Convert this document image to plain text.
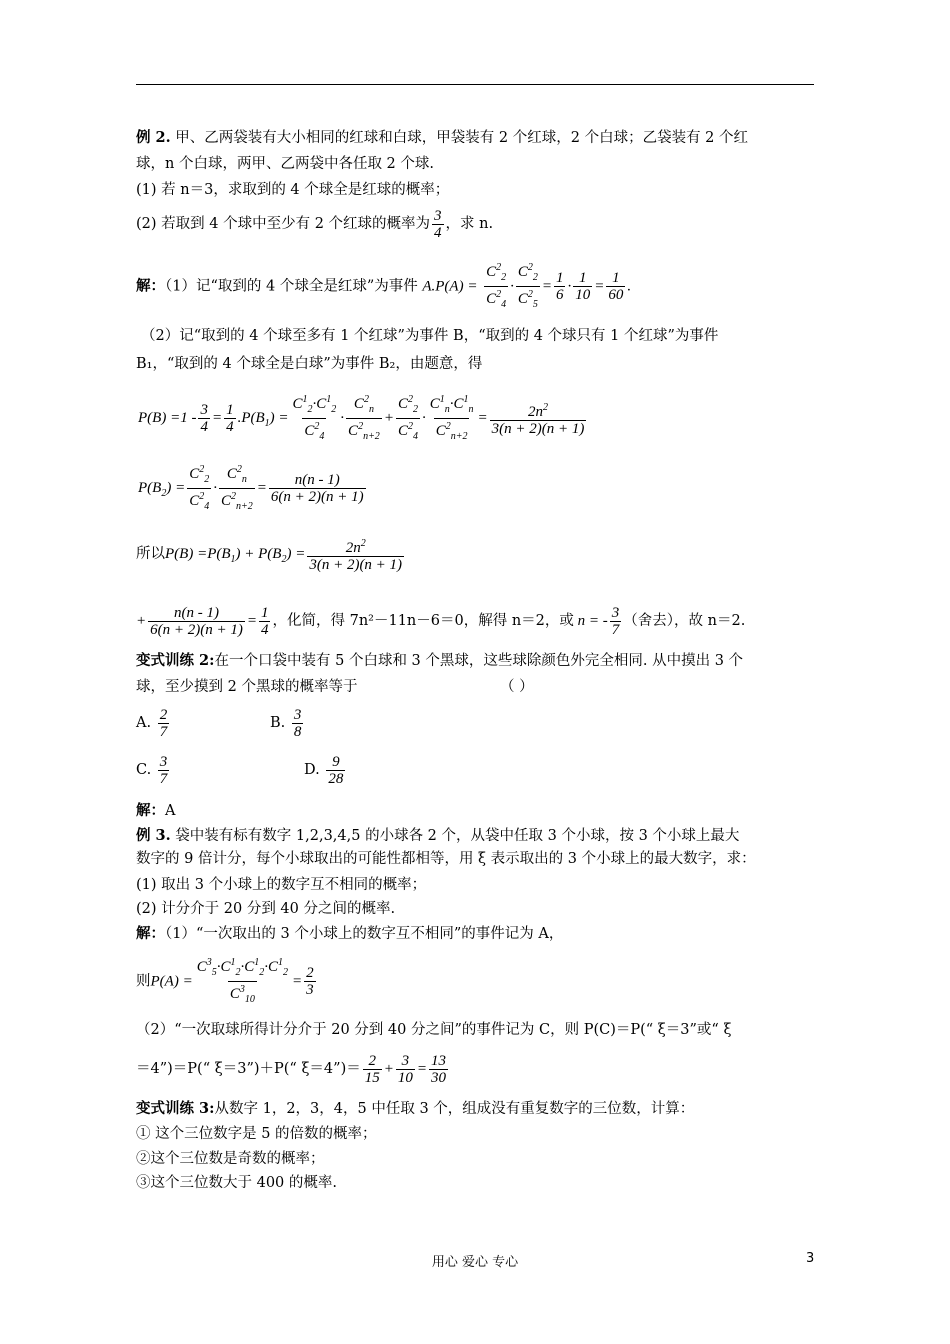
例 2. 甲、乙两袋装有大小相同的红球和白球，甲袋装有 2 个红球，2 个白球；乙袋装有 2 个红
球，n 个白球，两甲、乙两袋中各任取 2 个球.
(1) 若 n＝3，求取到的 4 个球全是红球的概率；
(2) 若取到 4 个球中至少有 2 个红球的概率为 $\frac{3}{4}$ ，求 n.
解：（1）记“取到的 4 个球全是红球”为事件 $A.P(A) = \frac{C^2_2}{C^2_4} \cdot \frac{C^2_2}{C^2_5} = \frac{1}{6} \cdot \frac{1}{10} = \frac{1}{60}$ .
（2）记“取到的 4 个球至多有 1 个红球”为事件 B，“取到的 4 个球只有 1 个红球”为事件
B₁，“取到的 4 个球全是白球”为事件 B₂，由题意，得
$P(B) =1 - \frac{3}{4} = \frac{1}{4} .P(B_1) = \frac{C^1_2\cdot C^1_2}{C^2_4} \cdot \frac{C^2_n}{C^2_{n+2}} + \frac{C^2_2}{C^2_4} \cdot \frac{C^1_n\cdot C^1_n}{C^2_{n+2}} = \frac{2n^2}{3(n + 2)(n + 1)}$
$P(B_2) = \frac{C^2_2}{C^2_4} \cdot \frac{C^2_n}{C^2_{n+2}} = \frac{n(n - 1)}{6(n + 2)(n + 1)}$
所以$P(B) =P(B_1) + P(B_2) = \frac{2n^2}{3(n + 2)(n + 1)}$
+ $\frac{n(n - 1)}{6(n + 2)(n + 1)} = \frac{1}{4}$ ，化简，得 7n²－11n－6＝0，解得 n＝2，或 n = - $\frac{3}{7}$ （舍去），故 n＝2.
变式训练 2:在一个口袋中装有 5 个白球和 3 个黑球，这些球除颜色外完全相同. 从中摸出 3 个
球，至少摸到 2 个黑球的概率等于	（ ）
A. $\frac{2}{7}$	B. $\frac{3}{8}$
C. $\frac{3}{7}$	D. $\frac{9}{28}$
解：A
例 3. 袋中装有标有数字 1,2,3,4,5 的小球各 2 个，从袋中任取 3 个小球，按 3 个小球上最大
数字的 9 倍计分，每个小球取出的可能性都相等，用 ξ 表示取出的 3 个小球上的最大数字，求：
(1) 取出 3 个小球上的数字互不相同的概率；
(2) 计分介于 20 分到 40 分之间的概率.
解：（1）“一次取出的 3 个小球上的数字互不相同”的事件记为 A，
则$P(A) = \frac{C^3_5\cdot C^1_2\cdot C^1_2\cdot C^1_2}{C^3_{10}} = \frac{2}{3}$
（2）“一次取球所得计分介于 20 分到 40 分之间”的事件记为 C，则 P(C)＝P(“ ξ＝3”或“ ξ
＝4”)＝P(“ ξ＝3”)＋P(“ ξ＝4”)＝ $\frac{2}{15} + \frac{3}{10} = \frac{13}{30}$
变式训练 3:从数字 1，2，3，4，5 中任取 3 个，组成没有重复数字的三位数，计算：
① 这个三位数字是 5 的倍数的概率；
②这个三位数是奇数的概率；
③这个三位数大于 400 的概率.
用心 爱心 专心	3
